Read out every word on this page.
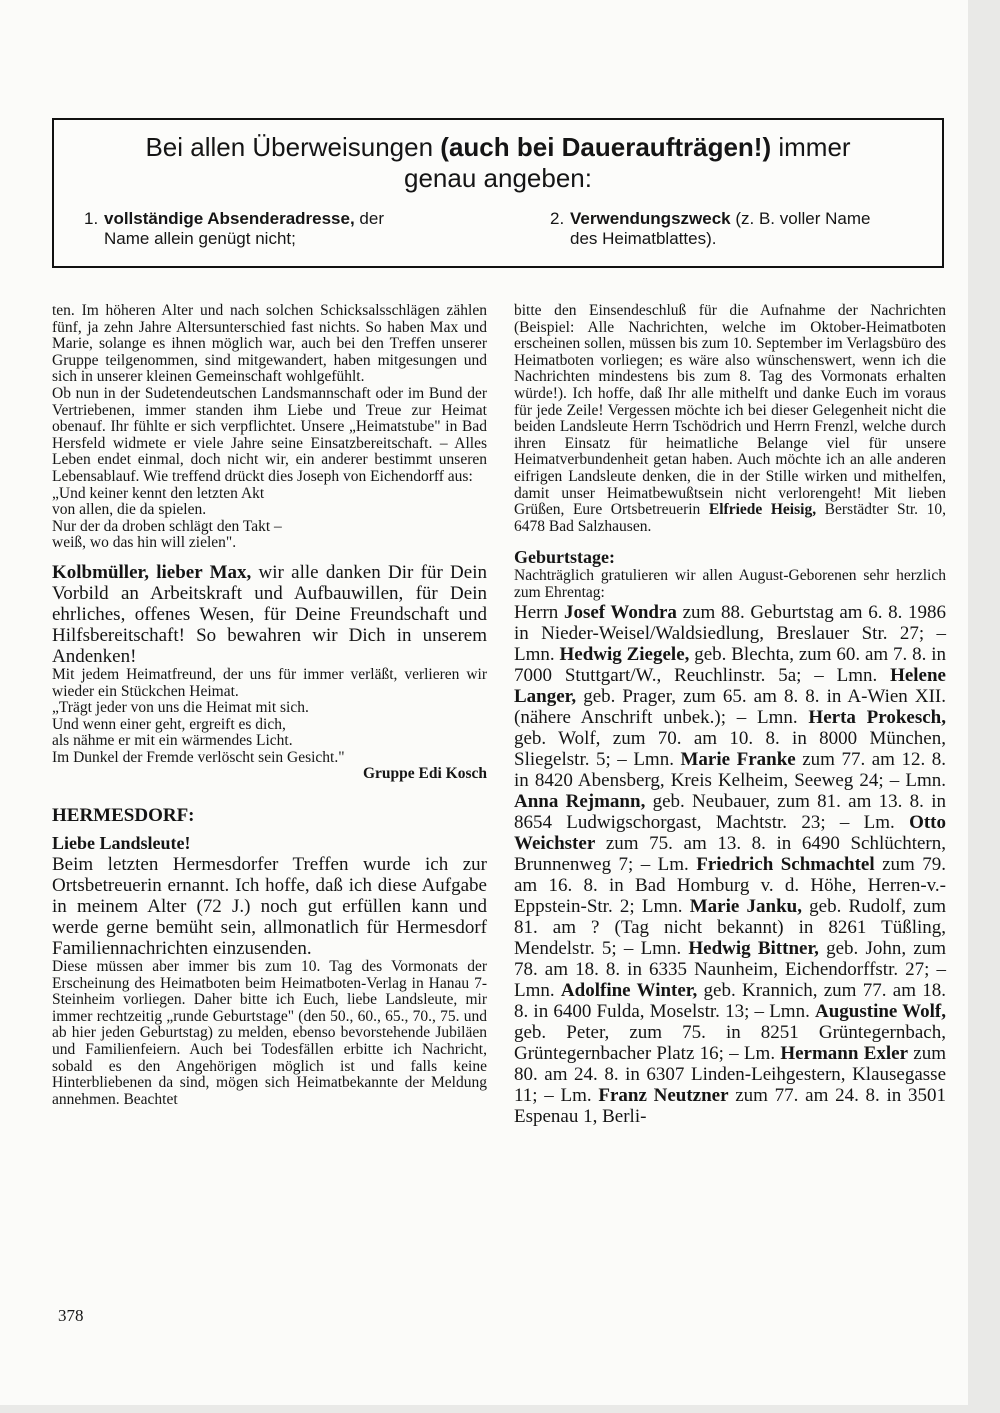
Bei allen Überweisungen (auch bei Daueraufträgen!) immer
genau angeben:
1. vollständige Absenderadresse, der
Name allein genügt nicht;
2. Verwendungszweck (z. B. voller Name
des Heimatblattes).

ten. Im höheren Alter und nach solchen Schicksalsschlägen zählen fünf, ja zehn Jahre Altersunterschied fast nichts. So haben Max und Marie, solange es ihnen möglich war, auch bei den Treffen unserer Gruppe teilgenommen, sind mitgewandert, haben mitgesungen und sich in unserer kleinen Gemeinschaft wohlgefühlt.

Ob nun in der Sudetendeutschen Landsmannschaft oder im Bund der Vertriebenen, immer standen ihm Liebe und Treue zur Heimat obenauf. Ihr fühlte er sich verpflichtet. Unsere „Heimatstube" in Bad Hersfeld widmete er viele Jahre seine Einsatzbereitschaft. – Alles Leben endet einmal, doch nicht wir, ein anderer bestimmt unseren Lebensablauf. Wie treffend drückt dies Joseph von Eichendorff aus:

„Und keiner kennt den letzten Akt
von allen, die da spielen.
Nur der da droben schlägt den Takt –
weiß, wo das hin will zielen".

Kolbmüller, lieber Max, wir alle danken Dir für Dein Vorbild an Arbeitskraft und Aufbauwillen, für Dein ehrliches, offenes Wesen, für Deine Freundschaft und Hilfsbereitschaft! So bewahren wir Dich in unserem Andenken!

Mit jedem Heimatfreund, der uns für immer verläßt, verlieren wir wieder ein Stückchen Heimat.

„Trägt jeder von uns die Heimat mit sich.
Und wenn einer geht, ergreift es dich,
als nähme er mit ein wärmendes Licht.
Im Dunkel der Fremde verlöscht sein Gesicht."

Gruppe Edi Kosch

HERMESDORF:
Liebe Landsleute!

Beim letzten Hermesdorfer Treffen wurde ich zur Ortsbetreuerin ernannt. Ich hoffe, daß ich diese Aufgabe in meinem Alter (72 J.) noch gut erfüllen kann und werde gerne bemüht sein, allmonatlich für Hermesdorf Familiennachrichten einzusenden.

Diese müssen aber immer bis zum 10. Tag des Vormonats der Erscheinung des Heimatboten beim Heimatboten-Verlag in Hanau 7-Steinheim vorliegen. Daher bitte ich Euch, liebe Landsleute, mir immer rechtzeitig „runde Geburtstage" (den 50., 60., 65., 70., 75. und ab hier jeden Geburtstag) zu melden, ebenso bevorstehende Jubiläen und Familienfeiern. Auch bei Todesfällen erbitte ich Nachricht, sobald es den Angehörigen möglich ist und falls keine Hinterbliebenen da sind, mögen sich Heimatbekannte der Meldung annehmen. Beachtet

bitte den Einsendeschluß für die Aufnahme der Nachrichten (Beispiel: Alle Nachrichten, welche im Oktober-Heimatboten erscheinen sollen, müssen bis zum 10. September im Verlagsbüro des Heimatboten vorliegen; es wäre also wünschenswert, wenn ich die Nachrichten mindestens bis zum 8. Tag des Vormonats erhalten würde!). Ich hoffe, daß Ihr alle mithelft und danke Euch im voraus für jede Zeile! Vergessen möchte ich bei dieser Gelegenheit nicht die beiden Landsleute Herrn Tschödrich und Herrn Frenzl, welche durch ihren Einsatz für heimatliche Belange viel für unsere Heimatverbundenheit getan haben. Auch möchte ich an alle anderen eifrigen Landsleute denken, die in der Stille wirken und mithelfen, damit unser Heimatbewußtsein nicht verlorengeht! Mit lieben Grüßen, Eure Ortsbetreuerin Elfriede Heisig, Berstädter Str. 10, 6478 Bad Salzhausen.

Geburtstage:

Nachträglich gratulieren wir allen August-Geborenen sehr herzlich zum Ehrentag:

Herrn Josef Wondra zum 88. Geburtstag am 6. 8. 1986 in Nieder-Weisel/Waldsiedlung, Breslauer Str. 27; – Lmn. Hedwig Ziegele, geb. Blechta, zum 60. am 7. 8. in 7000 Stuttgart/W., Reuchlinstr. 5a; – Lmn. Helene Langer, geb. Prager, zum 65. am 8. 8. in A-Wien XII. (nähere Anschrift unbek.); – Lmn. Herta Prokesch, geb. Wolf, zum 70. am 10. 8. in 8000 München, Sliegelstr. 5; – Lmn. Marie Franke zum 77. am 12. 8. in 8420 Abensberg, Kreis Kelheim, Seeweg 24; – Lmn. Anna Rejmann, geb. Neubauer, zum 81. am 13. 8. in 8654 Ludwigschorgast, Machtstr. 23; – Lm. Otto Weichster zum 75. am 13. 8. in 6490 Schlüchtern, Brunnenweg 7; – Lm. Friedrich Schmachtel zum 79. am 16. 8. in Bad Homburg v. d. Höhe, Herren-v.-Eppstein-Str. 2; Lmn. Marie Janku, geb. Rudolf, zum 81. am ? (Tag nicht bekannt) in 8261 Tüßling, Mendelstr. 5; – Lmn. Hedwig Bittner, geb. John, zum 78. am 18. 8. in 6335 Naunheim, Eichendorffstr. 27; – Lmn. Adolfine Winter, geb. Krannich, zum 77. am 18. 8. in 6400 Fulda, Moselstr. 13; – Lmn. Augustine Wolf, geb. Peter, zum 75. in 8251 Grüntegernbach, Grüntegernbacher Platz 16; – Lm. Hermann Exler zum 80. am 24. 8. in 6307 Linden-Leihgestern, Klausegasse 11; – Lm. Franz Neutzner zum 77. am 24. 8. in 3501 Espenau 1, Berli-

378
